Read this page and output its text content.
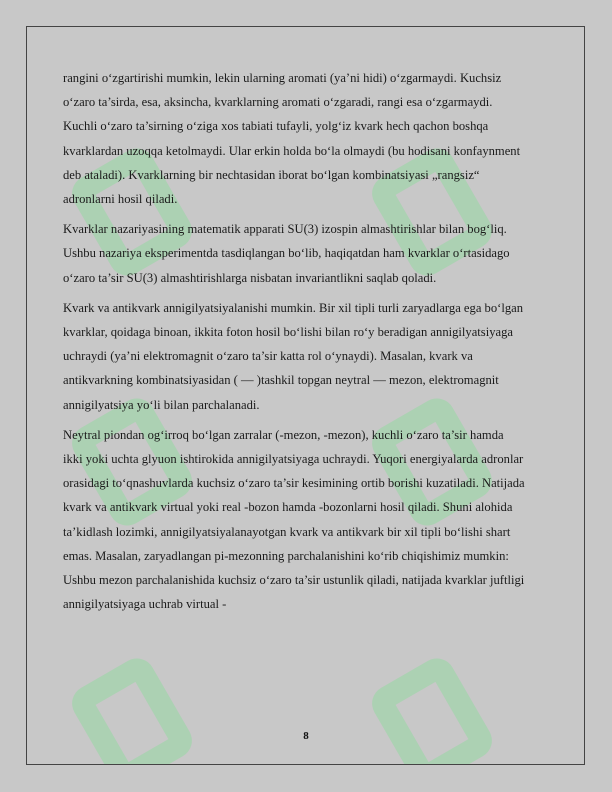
rangini o‘zgartirishi mumkin, lekin ularning aromati (ya’ni hidi) o‘zgarmaydi. Kuchsiz o‘zaro ta’sirda, esa, aksincha, kvarklarning aromati o‘zgaradi, rangi esa o‘zgarmaydi. Kuchli o‘zaro ta’sirning o‘ziga xos tabiati tufayli, yolg‘iz kvark hech qachon boshqa kvarklardan uzoqqa ketolmaydi. Ular erkin holda bo‘la olmaydi (bu hodisani konfaynment deb ataladi). Kvarklarning bir nechtasidan iborat bo‘lgan kombinatsiyasi „rangsiz“ adronlarni hosil qiladi.

Kvarklar nazariyasining matematik apparati SU(3) izospin almashtirishlar bilan bog‘liq. Ushbu nazariya eksperimentda tasdiqlangan bo‘lib, haqiqatdan ham kvarklar o‘rtasidago o‘zaro ta’sir SU(3) almashtirishlarga nisbatan invariantlikni saqlab qoladi.

Kvark va antikvark annigilyatsiyalanishi mumkin. Bir xil tipli turli zaryadlarga ega bo‘lgan kvarklar, qoidaga binoan, ikkita foton hosil bo‘lishi bilan ro‘y beradigan annigilyatsiyaga uchraydi (ya’ni elektromagnit o‘zaro ta’sir katta rol o‘ynaydi). Masalan, kvark va antikvarkning kombinatsiyasidan ( — )tashkil topgan neytral — mezon, elektromagnit annigilyatsiya yo‘li bilan parchalanadi.

Neytral piondan og‘irroq bo‘lgan zarralar (-mezon, -mezon), kuchli o‘zaro ta’sir hamda ikki yoki uchta glyuon ishtirokida annigilyatsiyaga uchraydi. Yuqori energiyalarda adronlar orasidagi to‘qnashuvlarda kuchsiz o‘zaro ta’sir kesimining ortib borishi kuzatiladi. Natijada kvark va antikvark virtual yoki real -bozon hamda -bozonlarni hosil qiladi. Shuni alohida ta’kidlash lozimki, annigilyatsiyalanayotgan kvark va antikvark bir xil tipli bo‘lishi shart emas. Masalan, zaryadlangan pi-mezonning parchalanishini ko‘rib chiqishimiz mumkin: Ushbu mezon parchalanishida kuchsiz o‘zaro ta’sir ustunlik qiladi, natijada kvarklar juftligi annigilyatsiyaga uchrab virtual -

8
